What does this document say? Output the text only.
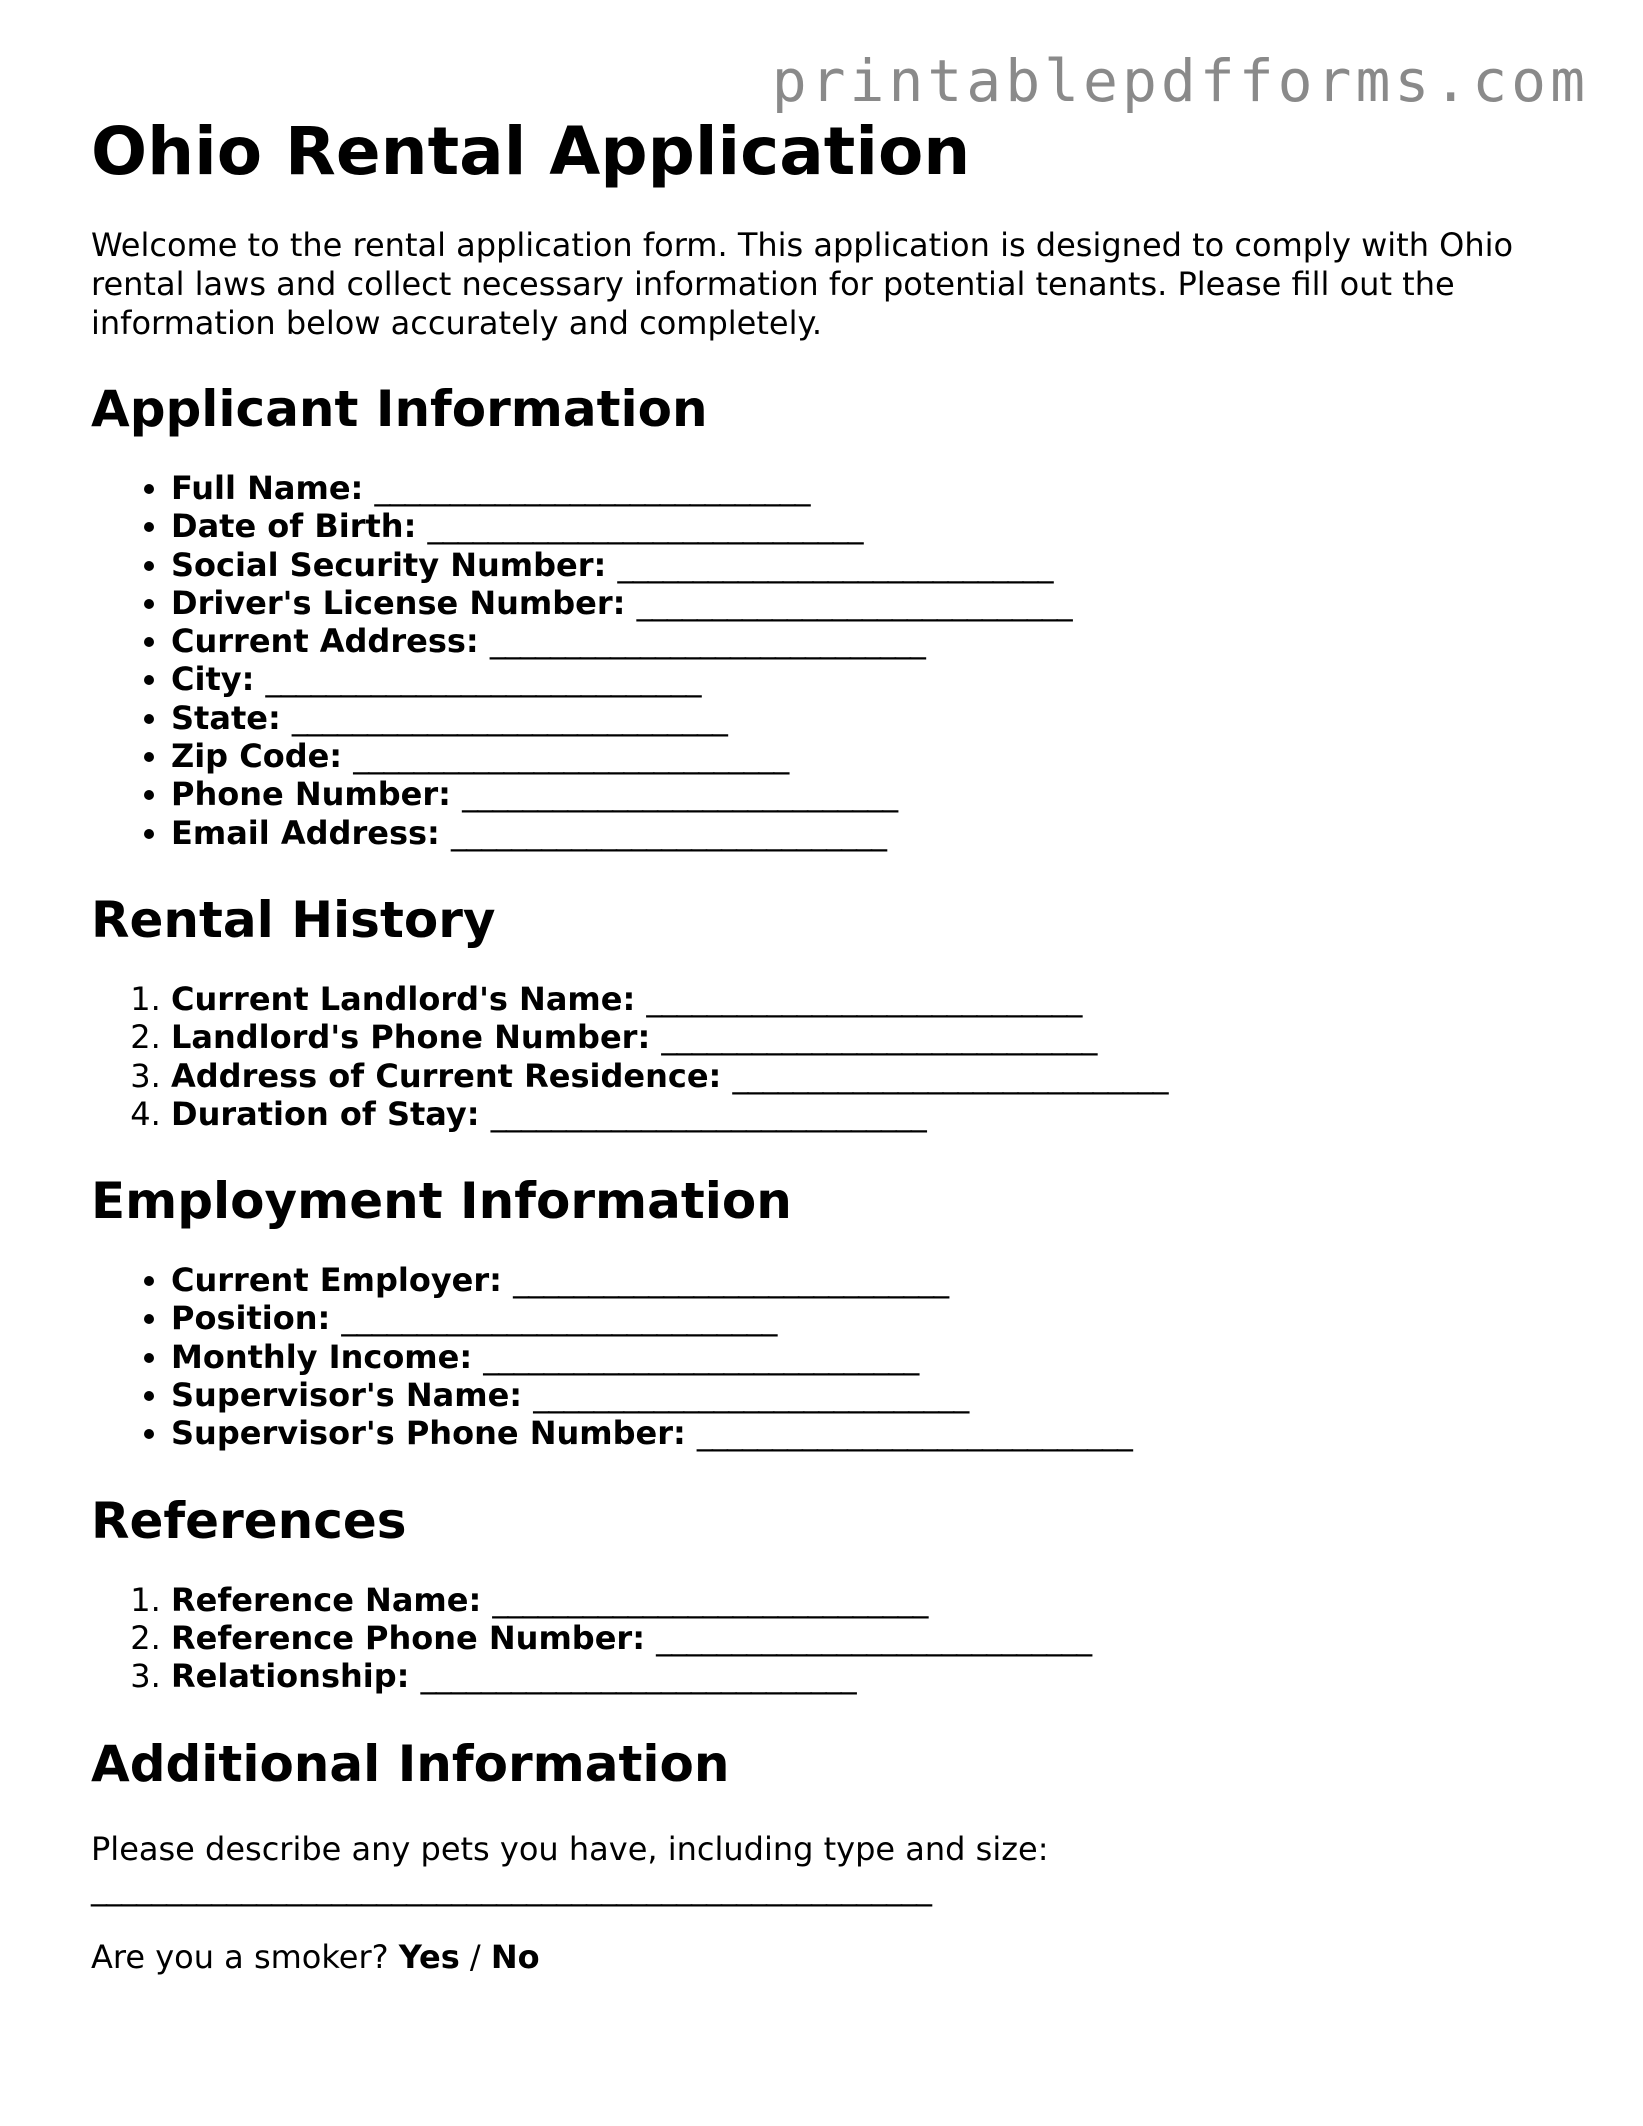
printablepdfforms.com
Ohio Rental Application

Welcome to the rental application form. This application is designed to comply with Ohio rental laws and collect necessary information for potential tenants. Please fill out the information below accurately and completely.

Applicant Information
• Full Name: _____________________________
• Date of Birth: _____________________________
• Social Security Number: _____________________________
• Driver's License Number: _____________________________
• Current Address: _____________________________
• City: _____________________________
• State: _____________________________
• Zip Code: _____________________________
• Phone Number: _____________________________
• Email Address: _____________________________
Rental History
1. Current Landlord's Name: _____________________________
2. Landlord's Phone Number: _____________________________
3. Address of Current Residence: _____________________________
4. Duration of Stay: _____________________________
Employment Information
• Current Employer: _____________________________
• Position: _____________________________
• Monthly Income: _____________________________
• Supervisor's Name: _____________________________
• Supervisor's Phone Number: _____________________________
References
1. Reference Name: _____________________________
2. Reference Phone Number: _____________________________
3. Relationship: _____________________________
Additional Information

Please describe any pets you have, including type and size:
________________________________________________________

Are you a smoker? Yes / No
